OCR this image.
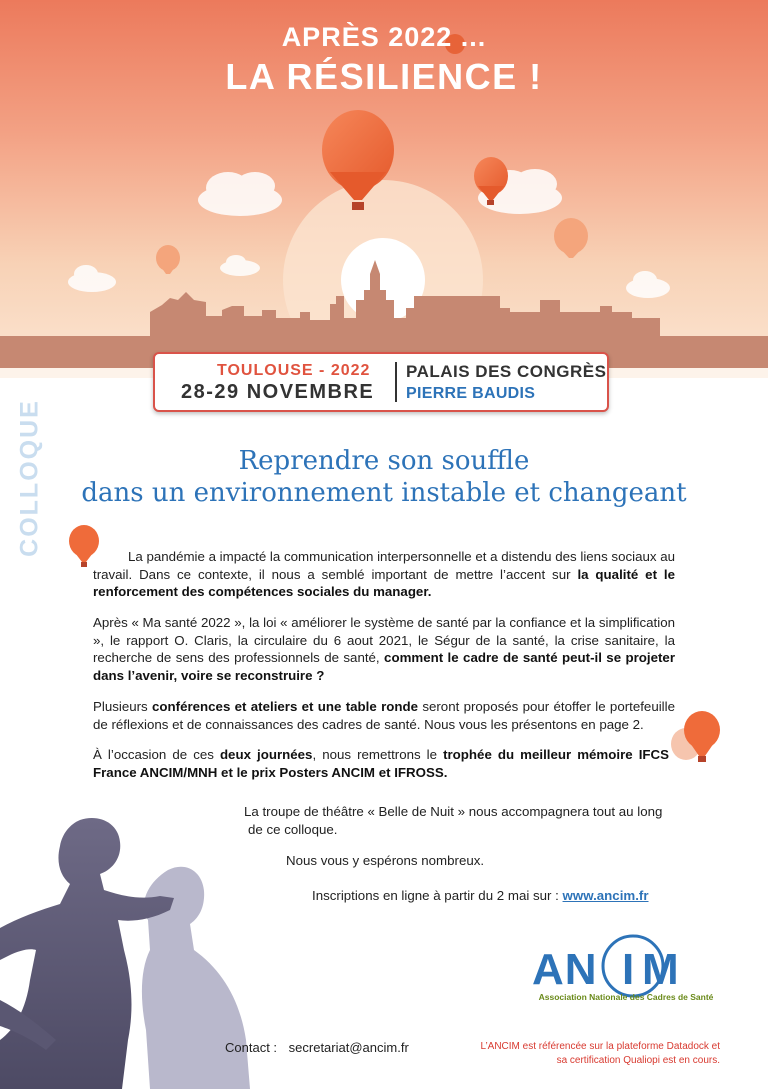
APRÈS 2022 ...
LA RÉSILIENCE !
TOULOUSE - 2022
28-29 NOVEMBRE
PALAIS DES CONGRÈS
PIERRE BAUDIS
COLLOQUE	Reprendre son souffle
dans un environnement instable et changeant
La pandémie a impacté la communication interpersonnelle et a distendu des liens sociaux au travail. Dans ce contexte, il nous a semblé important de mettre l’accent sur la qualité et le renforcement des compétences sociales du manager.
Après « Ma santé 2022 », la loi « améliorer le système de santé par la confiance et la simplification », le rapport O. Claris, la circulaire du 6 aout 2021, le Ségur de la santé, la crise sanitaire, la recherche de sens des professionnels de santé, comment le cadre de santé peut-il se projeter dans l’avenir, voire se reconstruire ?
Plusieurs conférences et ateliers et une table ronde seront proposés pour étoffer le portefeuille de réflexions et de connaissances des cadres de santé. Nous vous les présentons en page 2.
À l’occasion de ces deux journées, nous remettrons le trophée du meilleur mémoire IFCS France ANCIM/MNH et le prix Posters ANCIM et IFROSS.
La troupe de théâtre « Belle de Nuit » nous accompagnera tout au long
de ce colloque.
Nous vous y espérons nombreux.
Inscriptions en ligne à partir du 2 mai sur : www.ancim.fr
AN M
I
Association Nationale des Cadres de Santé
Contact : secretariat@ancim.fr	L’ANCIM est référencée sur la plateforme Datadock et
sa certification Qualiopi est en cours.
